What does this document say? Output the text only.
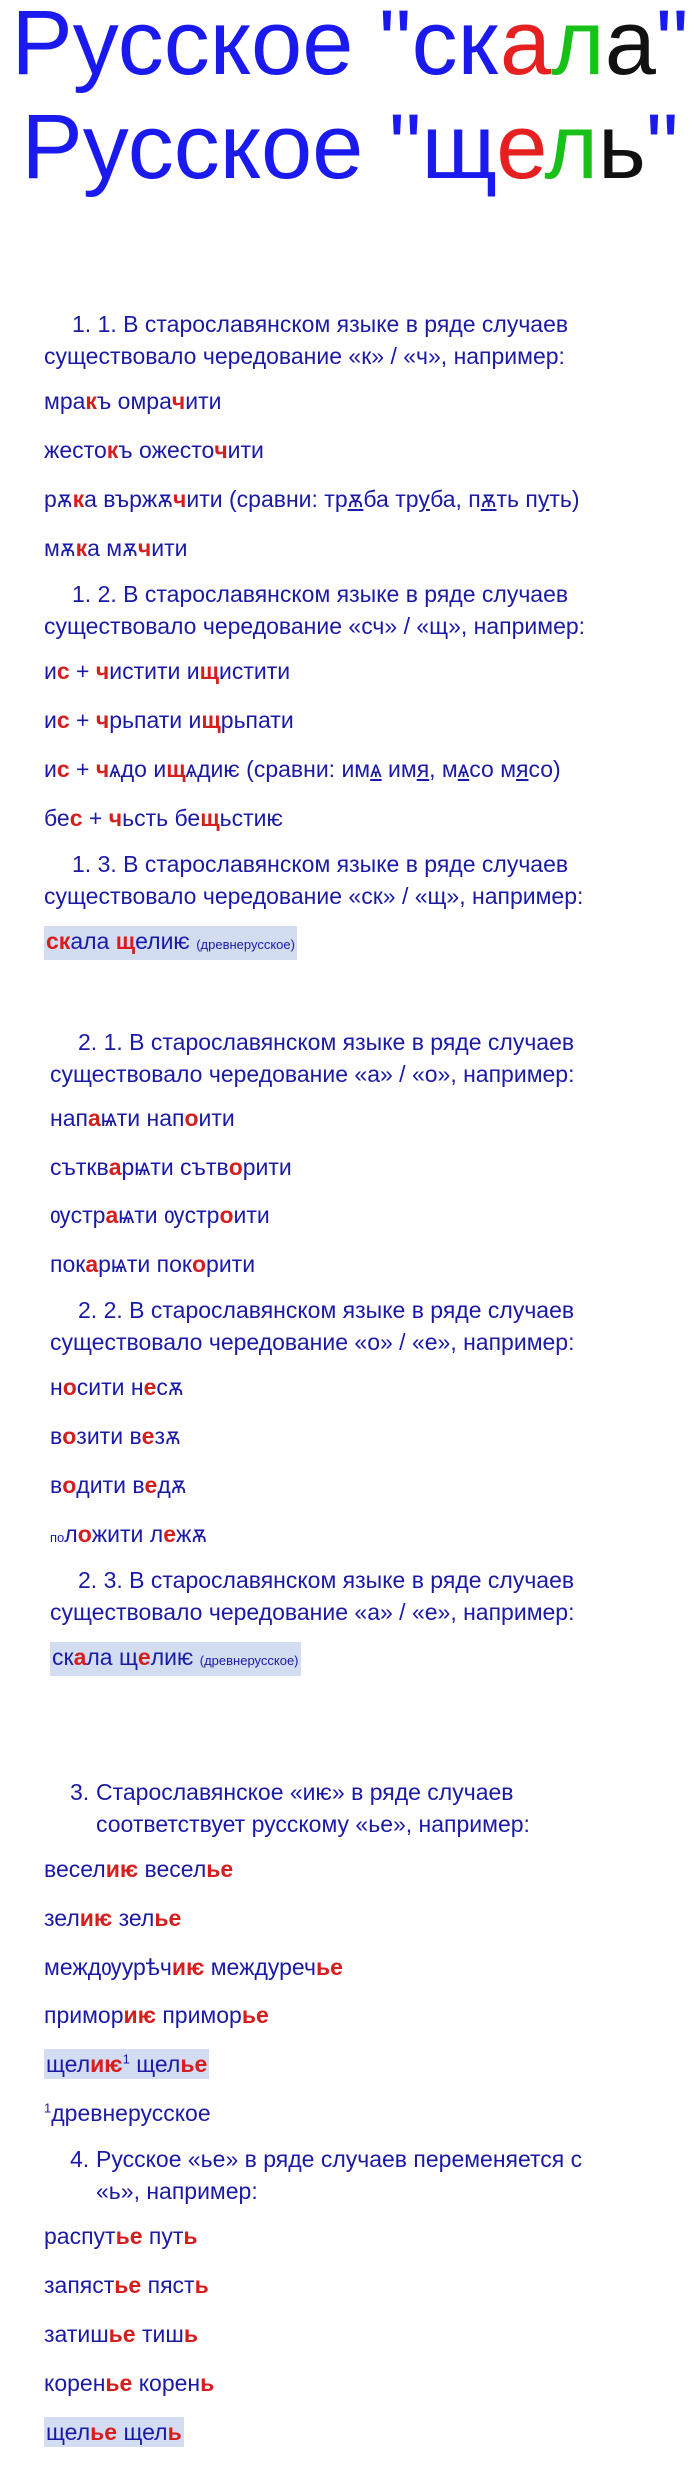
Русское "скала"
Русское "щель"
1. 1. В старославянском языке в ряде случаев существовало чередование «к» / «ч», например:
мракъ омрачити
жестокъ ожесточити
рѫка вържѫчити (сравни: трѫба труба, пѫть путь)
мѫка мѫчити
1. 2. В старославянском языке в ряде случаев существовало чередование «сч» / «щ», например:
ис + чистити ищистити
ис + чрьпати ищрьпати
ис + чѧдо ищѧдиѥ (сравни: имѧ имя, мѧсо мясо)
бес + чьсть бещьстиѥ
1. 3. В старославянском языке в ряде случаев существовало чередование «ск» / «щ», например:
скала щелиѥ (древнерусское)
2. 1. В старославянском языке в ряде случаев существовало чередование «а» / «о», например:
напаѩти напоити
съткварѩти сътворити
ѹстраѩти ѹстроити
покарѩти покорити
2. 2. В старославянском языке в ряде случаев существовало чередование «о» / «е», например:
носити несѫ
возити везѫ
водити ведѫ
положити лежѫ
2. 3. В старославянском языке в ряде случаев существовало чередование «а» / «е», например:
скала щелиѥ (древнерусское)
3. Старославянское «иѥ» в ряде случаев соответствует русскому «ье», например:
веселиѥ веселье
зелиѥ зелье
междѹурѣчиѥ междуречье
примориѥ приморье
щелиѥ$^1$ щелье
$^1$древнерусское
4. Русское «ье» в ряде случаев переменяется с «ь», например:
распутье путь
запястье пясть
затишье тишь
коренье корень
щелье щель
